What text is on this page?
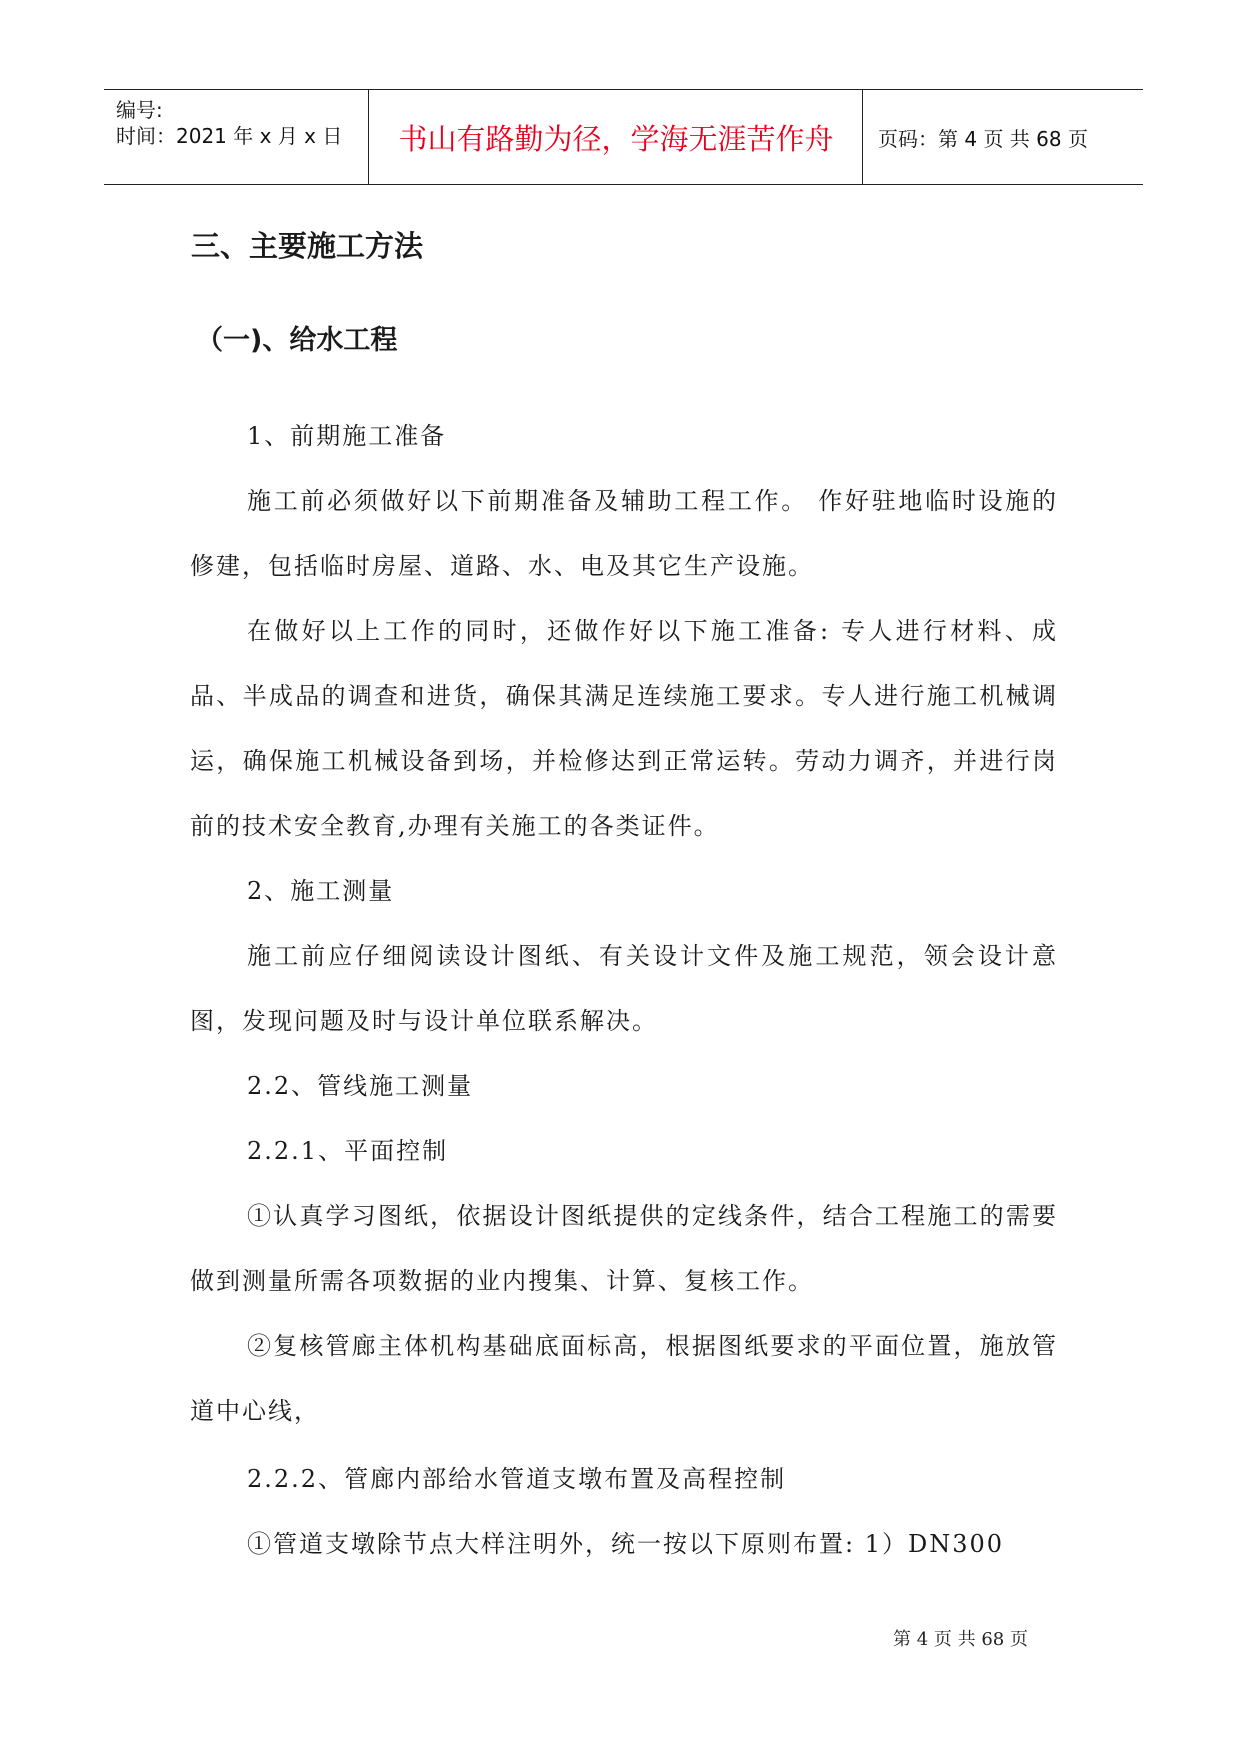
编号:
时间：2021 年 x 月 x 日 书山有路勤为径，学海无涯苦作舟 页码：第 4 页 共 68 页
三、主要施工方法
（一)、给水工程

1、前期施工准备

施工前必须做好以下前期准备及辅助工程工作。 作好驻地临时设施的修建，包括临时房屋、道路、水、电及其它生产设施。

在做好以上工作的同时，还做作好以下施工准备: 专人进行材料、成品、半成品的调查和进货，确保其满足连续施工要求。专人进行施工机械调运，确保施工机械设备到场，并检修达到正常运转。劳动力调齐，并进行岗前的技术安全教育,办理有关施工的各类证件。

2、施工测量

施工前应仔细阅读设计图纸、有关设计文件及施工规范，领会设计意图，发现问题及时与设计单位联系解决。

2.2、管线施工测量

2.2.1、平面控制

①认真学习图纸，依据设计图纸提供的定线条件，结合工程施工的需要做到测量所需各项数据的业内搜集、计算、复核工作。

②复核管廊主体机构基础底面标高，根据图纸要求的平面位置，施放管道中心线，

2.2.2、管廊内部给水管道支墩布置及高程控制

①管道支墩除节点大样注明外，统一按以下原则布置: 1）DN300

第 4 页 共 68 页
